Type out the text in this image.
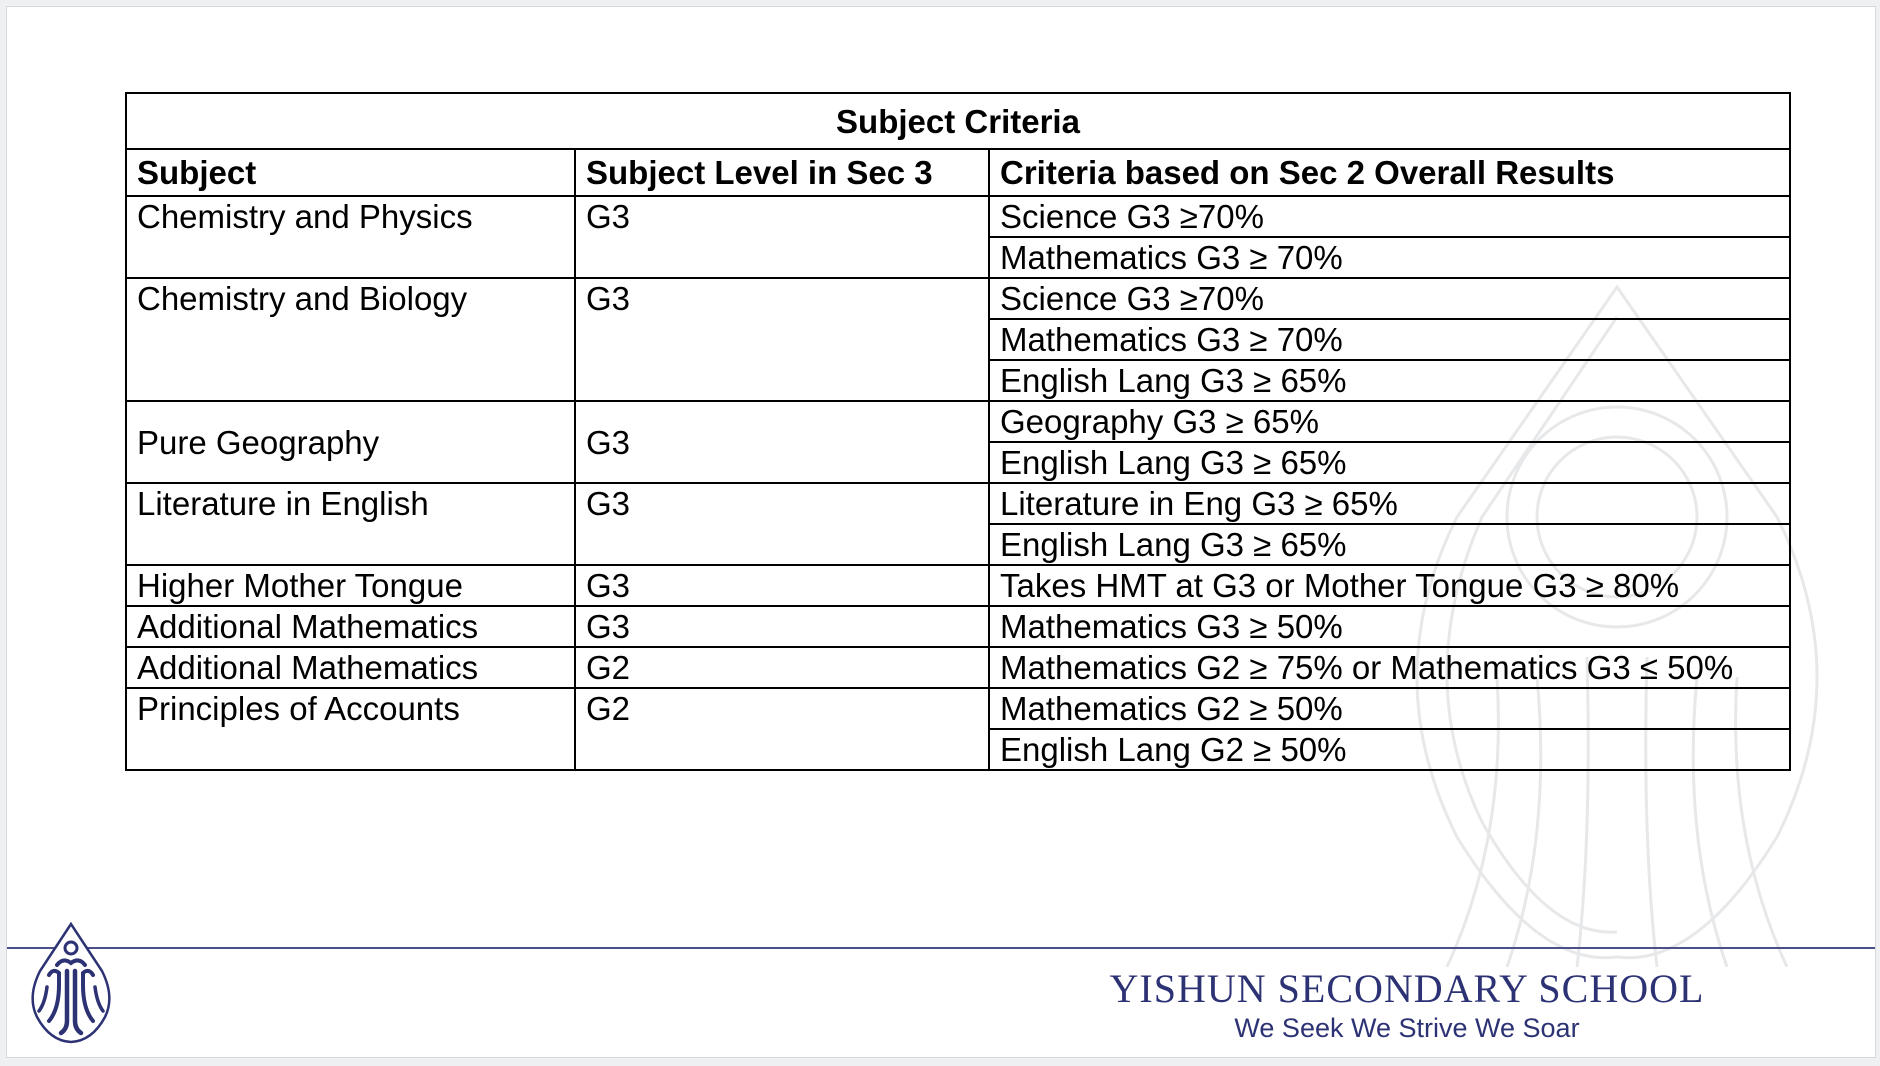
Subject Criteria		
Subject	Subject Level in Sec 3	Criteria based on Sec 2 Overall Results
Chemistry and Physics	G3	Science G3 ≥70%
		Mathematics G3 ≥ 70%
Chemistry and Biology	G3	Science G3 ≥70%
		Mathematics G3 ≥ 70%
		English Lang G3 ≥ 65%
Pure Geography	G3	Geography G3 ≥ 65%
		English Lang G3 ≥ 65%
Literature in English	G3	Literature in Eng G3 ≥ 65%
		English Lang G3 ≥ 65%
Higher Mother Tongue	G3	Takes HMT at G3 or Mother Tongue G3 ≥ 80%
Additional Mathematics	G3	Mathematics G3 ≥ 50%
Additional Mathematics	G2	Mathematics G2 ≥ 75% or Mathematics G3 ≤ 50%
Principles of Accounts	G2	Mathematics G2 ≥ 50%
		English Lang G2 ≥ 50%
YISHUN SECONDARY SCHOOL
We Seek We Strive We Soar
